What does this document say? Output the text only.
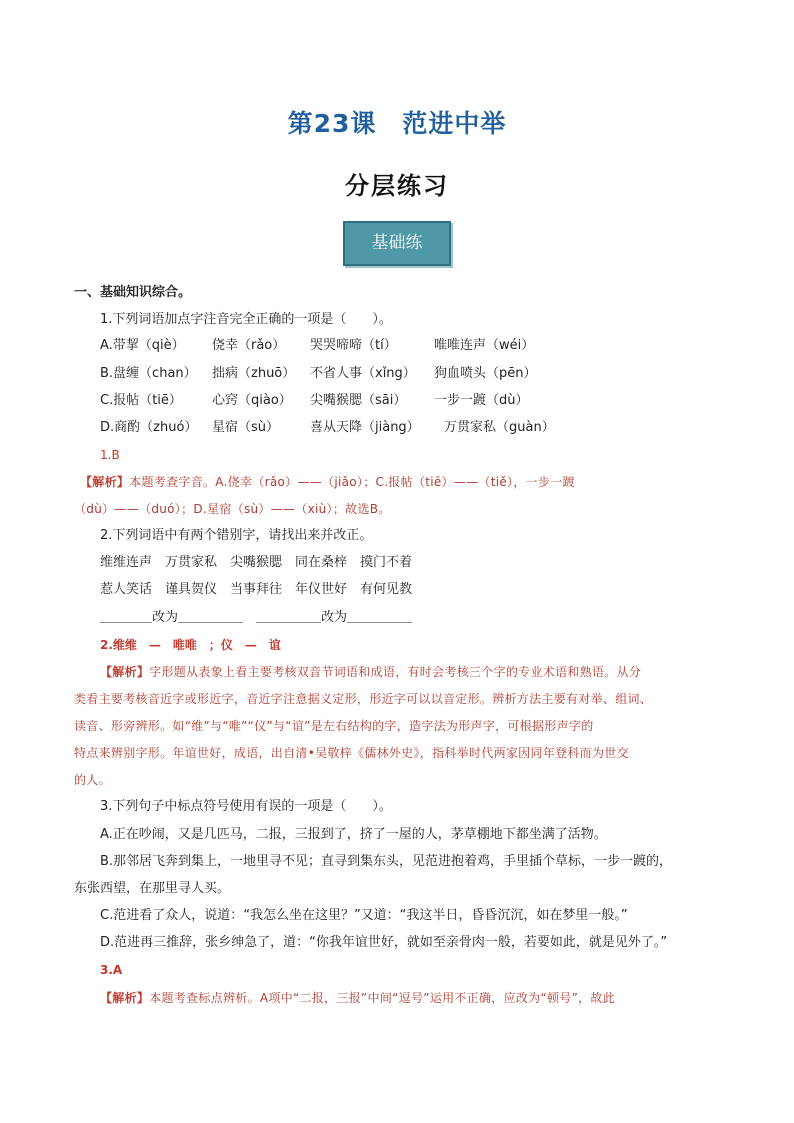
第23课 范进中举
分层练习
基础练
一、基础知识综合。
1.下列词语加点字注音完全正确的一项是（　　）。
A.带挈（qiè） 侥幸（rǎo） 哭哭啼啼（tí）	唯唯连声（wéi）
B.盘缠（chan） 拙病（zhuō） 不省人事（xǐng） 狗血喷头（pēn）
C.报帖（tiē） 心窍（qiào） 尖嘴猴腮（sāi） 一步一踱（dù）
D.商酌（zhuó） 星宿（sù） 喜从天降（jiàng） 万贯家私（guàn）
1.B
【解析】本题考查字音。A.侥幸（rǎo）——（jiǎo）；C.报帖（tiē）——（tiě），一步一踱
（dù）——（duó）；D.星宿（sù）——（xiù）；故选B。
2.下列词语中有两个错别字，请找出来并改正。
维维连声　万贯家私　尖嘴猴腮　同在桑梓　摸门不着
惹人笑话　谨具贺仪　当事拜往　年仪世好　有何见教
＿＿＿＿改为＿＿＿＿＿　＿＿＿＿＿改为＿＿＿＿＿
2.维维　—　唯唯　；仪　—　谊
【解析】字形题从表象上看主要考核双音节词语和成语，有时会考核三个字的专业术语和熟语。从分
类看主要考核音近字或形近字，音近字注意据义定形，形近字可以以音定形。辨析方法主要有对举、组词、
读音、形旁辨形。如“维”与“唯”“仪”与“谊”是左右结构的字，造字法为形声字，可根据形声字的
特点来辨别字形。年谊世好，成语，出自清•吴敬梓《儒林外史》，指科举时代两家因同年登科而为世交
的人。
3.下列句子中标点符号使用有误的一项是（　　）。
A.正在吵闹，又是几匹马，二报，三报到了，挤了一屋的人，茅草棚地下都坐满了活物。
B.那邻居飞奔到集上，一地里寻不见；直寻到集东头，见范进抱着鸡，手里插个草标，一步一踱的，
东张西望，在那里寻人买。
C.范进看了众人，说道：“我怎么坐在这里？”又道：“我这半日，昏昏沉沉，如在梦里一般。”
D.范进再三推辞，张乡绅急了，道：“你我年谊世好，就如至亲骨肉一般，若要如此，就是见外了。”
3.A
【解析】本题考查标点辨析。A项中“二报，三报”中间“逗号”运用不正确，应改为“顿号”，故此
